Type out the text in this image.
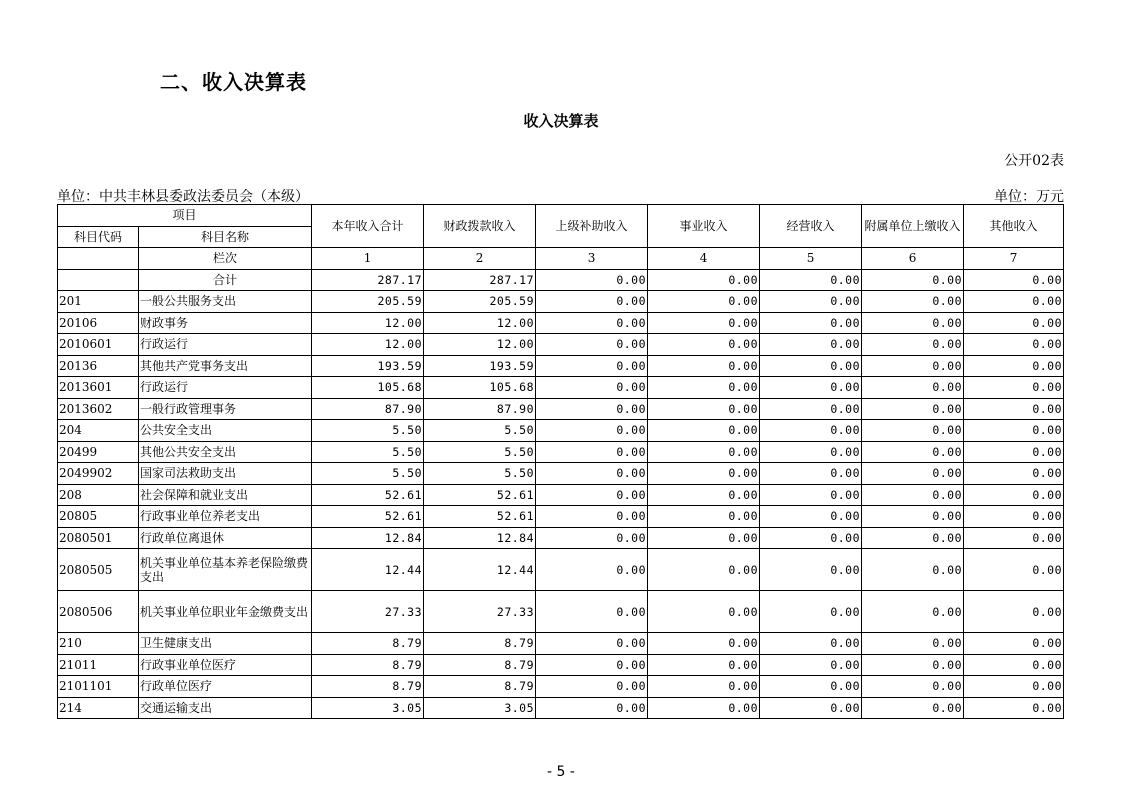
二、收入决算表
收入决算表
公开02表
单位：中共丰林县委政法委员会（本级）	单位：万元
项目		本年收入合计	财政拨款收入	上级补助收入	事业收入	经营收入	附属单位上缴收入	其他收入
科目代码	科目名称							
	栏次	1	2	3	4	5	6	7
	合计	287.17	287.17	0.00	0.00	0.00	0.00	0.00
201	一般公共服务支出	205.59	205.59	0.00	0.00	0.00	0.00	0.00
20106	财政事务	12.00	12.00	0.00	0.00	0.00	0.00	0.00
2010601	行政运行	12.00	12.00	0.00	0.00	0.00	0.00	0.00
20136	其他共产党事务支出	193.59	193.59	0.00	0.00	0.00	0.00	0.00
2013601	行政运行	105.68	105.68	0.00	0.00	0.00	0.00	0.00
2013602	一般行政管理事务	87.90	87.90	0.00	0.00	0.00	0.00	0.00
204	公共安全支出	5.50	5.50	0.00	0.00	0.00	0.00	0.00
20499	其他公共安全支出	5.50	5.50	0.00	0.00	0.00	0.00	0.00
2049902	国家司法救助支出	5.50	5.50	0.00	0.00	0.00	0.00	0.00
208	社会保障和就业支出	52.61	52.61	0.00	0.00	0.00	0.00	0.00
20805	行政事业单位养老支出	52.61	52.61	0.00	0.00	0.00	0.00	0.00
2080501	行政单位离退休	12.84	12.84	0.00	0.00	0.00	0.00	0.00
2080505	机关事业单位基本养老保险缴费支出	12.44	12.44	0.00	0.00	0.00	0.00	0.00
2080506	机关事业单位职业年金缴费支出	27.33	27.33	0.00	0.00	0.00	0.00	0.00
210	卫生健康支出	8.79	8.79	0.00	0.00	0.00	0.00	0.00
21011	行政事业单位医疗	8.79	8.79	0.00	0.00	0.00	0.00	0.00
2101101	行政单位医疗	8.79	8.79	0.00	0.00	0.00	0.00	0.00
214	交通运输支出	3.05	3.05	0.00	0.00	0.00	0.00	0.00
- 5 -
